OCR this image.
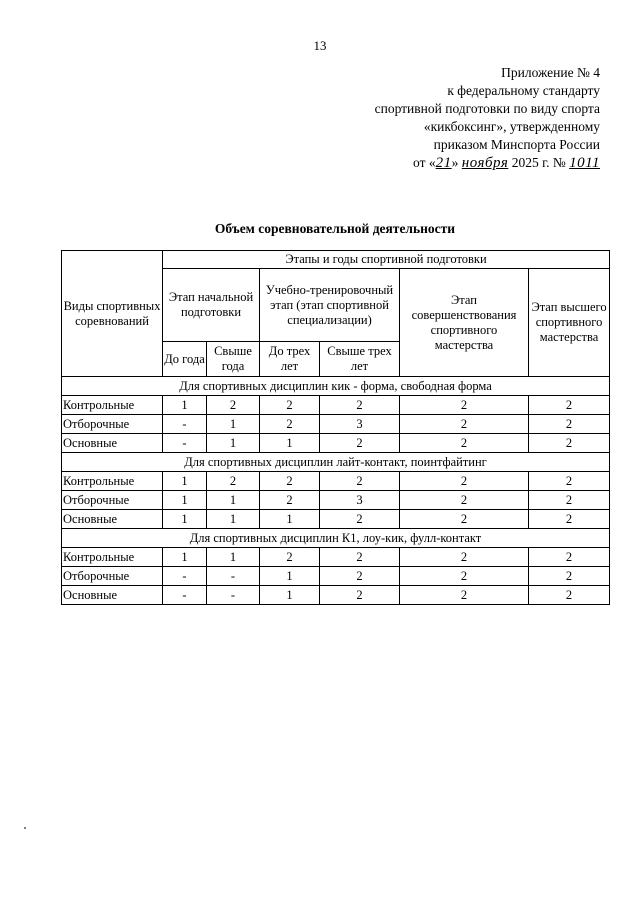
13
Приложение № 4
к федеральному стандарту
спортивной подготовки по виду спорта
«кикбоксинг», утвержденному
приказом Минспорта России
от «21» ноября 2025 г. № 1011
Объем соревновательной деятельности
Виды спортивных соревнований	Этапы и годы спортивной подготовки					
	Этап начальной подготовки		Учебно-тренировочный этап (этап спортивной специализации)		Этап совершенствования спортивного мастерства	Этап высшего спортивного мастерства
	До года	Свыше года	До трех лет	Свыше трех лет		
Для спортивных дисциплин кик - форма, свободная форма						
Контрольные	1	2	2	2	2	2
Отборочные	-	1	2	3	2	2
Основные	-	1	1	2	2	2
Для спортивных дисциплин лайт-контакт, поинтфайтинг						
Контрольные	1	2	2	2	2	2
Отборочные	1	1	2	3	2	2
Основные	1	1	1	2	2	2
Для спортивных дисциплин К1, лоу-кик, фулл-контакт						
Контрольные	1	1	2	2	2	2
Отборочные	-	-	1	2	2	2
Основные	-	-	1	2	2	2
